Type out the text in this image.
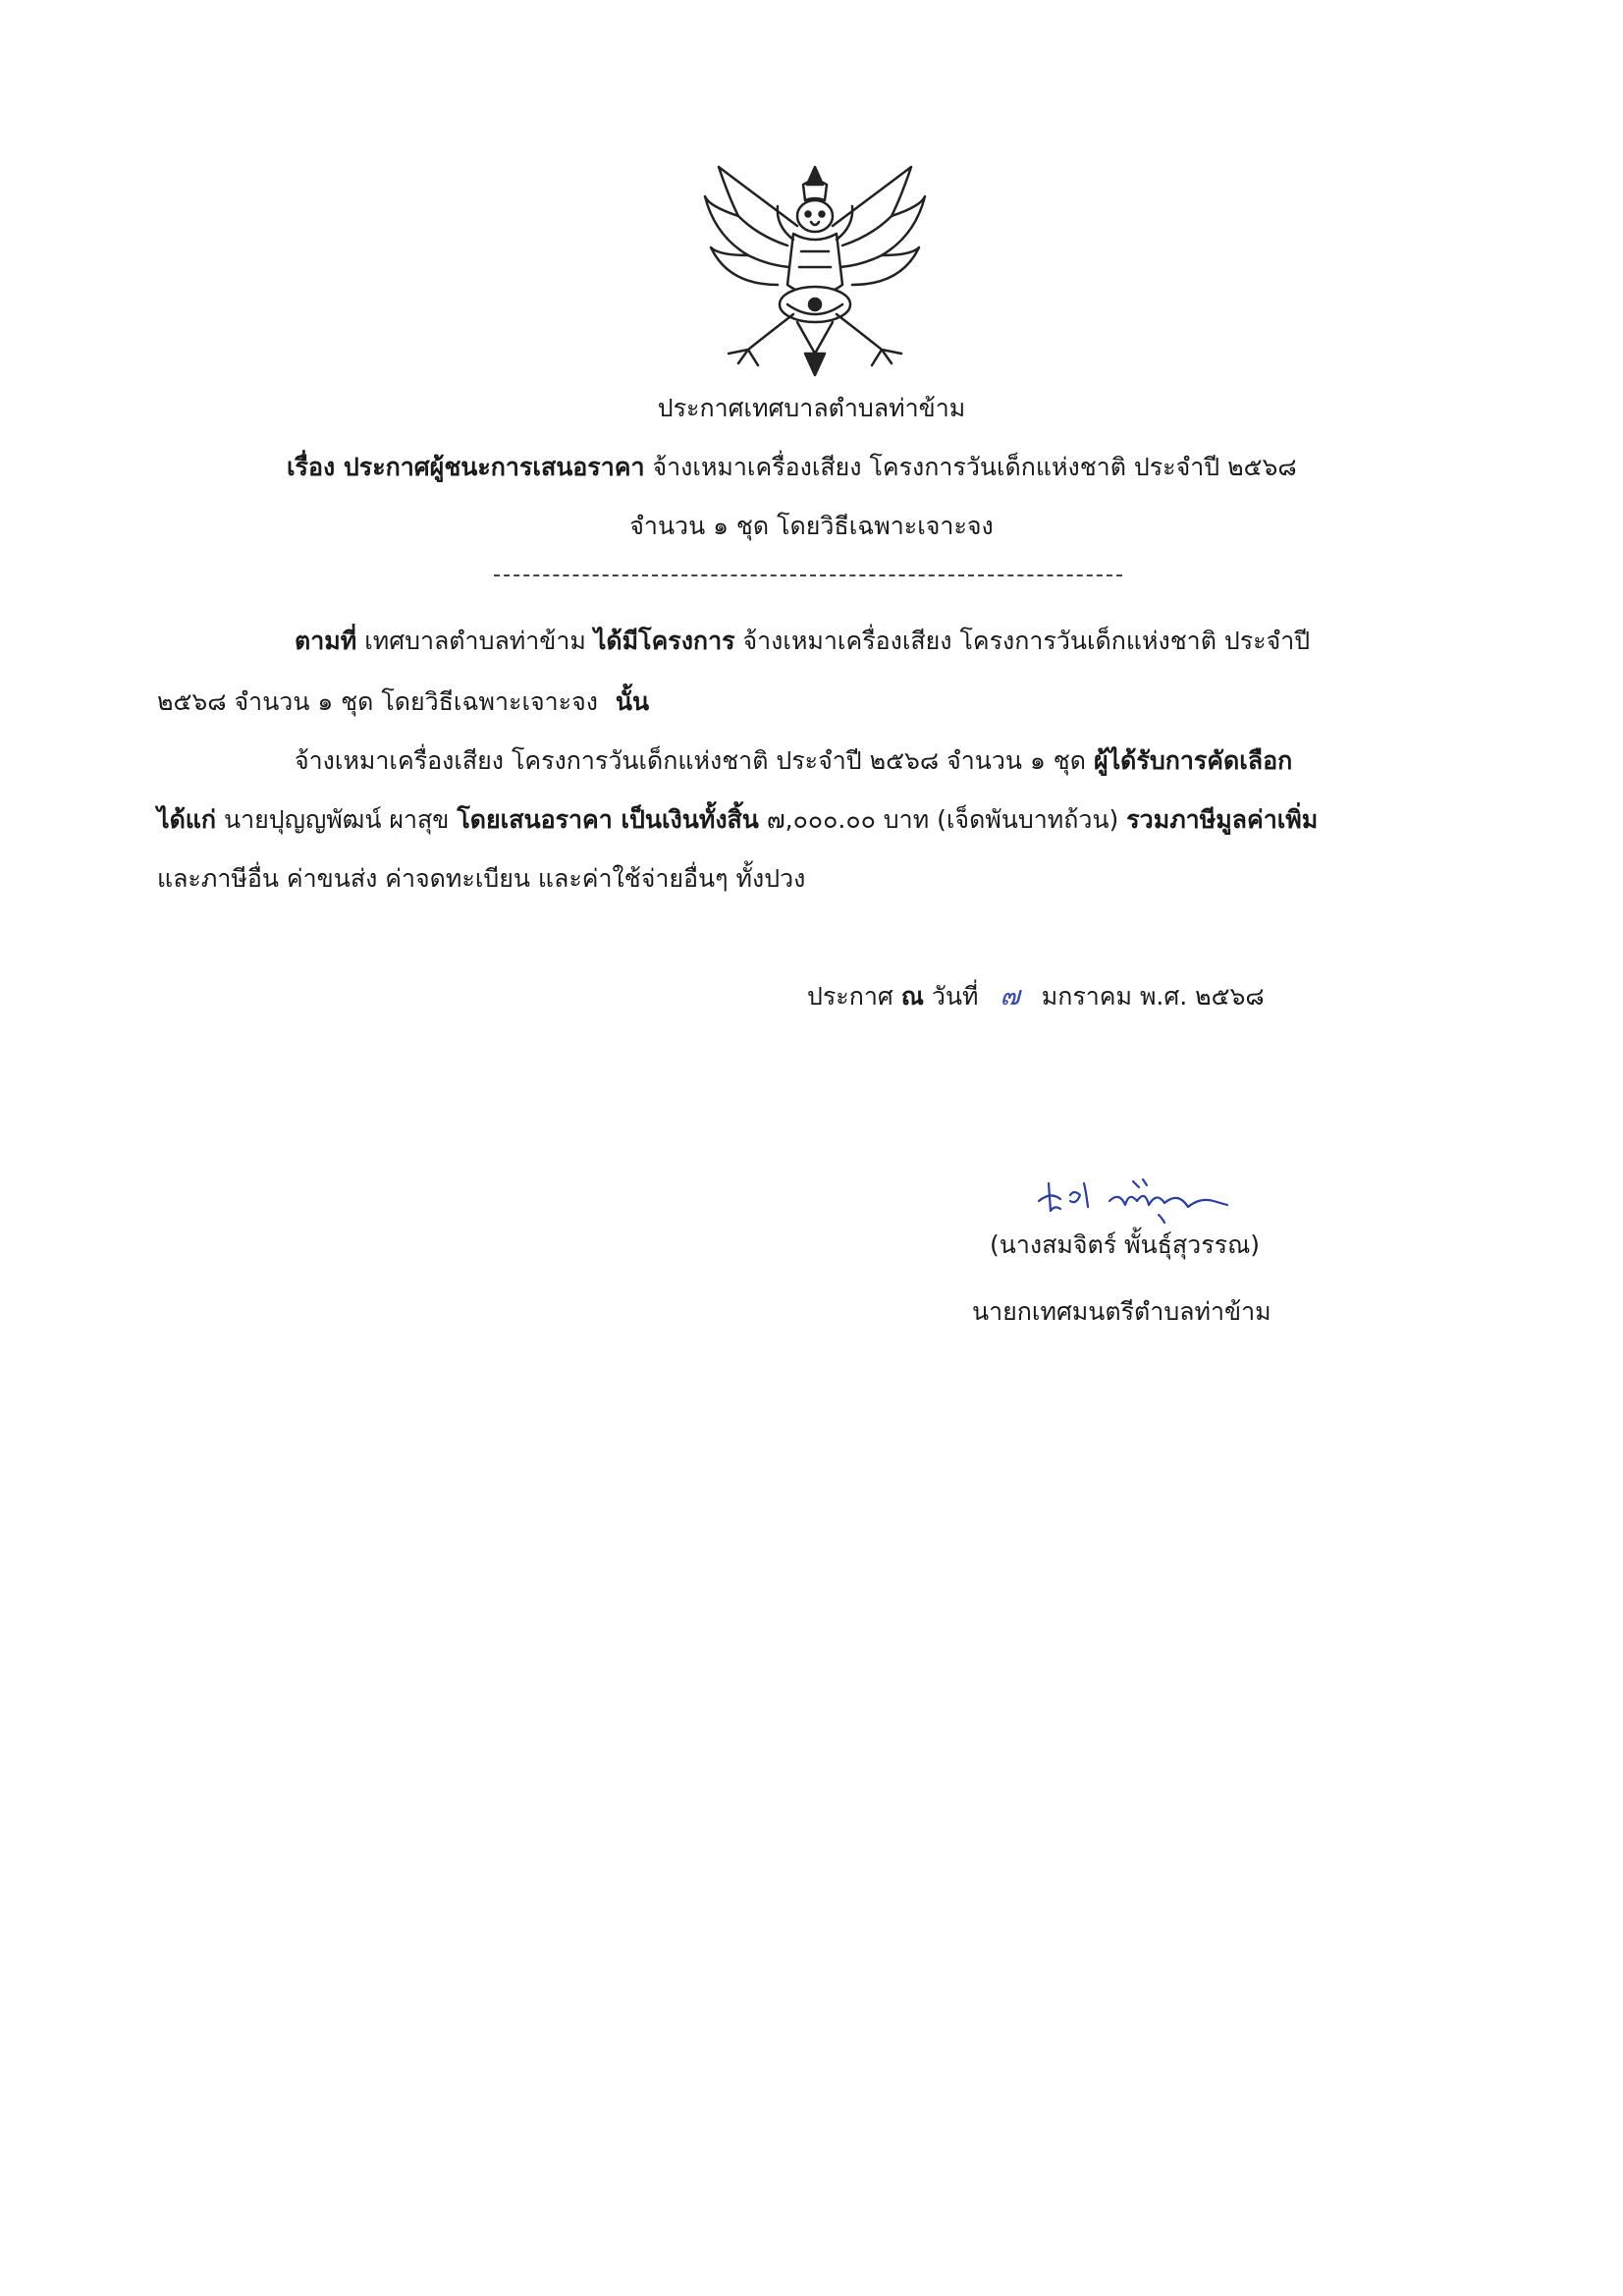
ประกาศเทศบาลตำบลท่าข้าม
เรื่อง ประกาศผู้ชนะการเสนอราคา จ้างเหมาเครื่องเสียง โครงการวันเด็กแห่งชาติ ประจำปี ๒๕๖๘
จำนวน ๑ ชุด โดยวิธีเฉพาะเจาะจง
ตามที่ เทศบาลตำบลท่าข้าม ได้มีโครงการ จ้างเหมาเครื่องเสียง โครงการวันเด็กแห่งชาติ ประจำปี
๒๕๖๘ จำนวน ๑ ชุด โดยวิธีเฉพาะเจาะจง นั้น
จ้างเหมาเครื่องเสียง โครงการวันเด็กแห่งชาติ ประจำปี ๒๕๖๘ จำนวน ๑ ชุด ผู้ได้รับการคัดเลือก
ได้แก่ นายปุญญพัฒน์ ผาสุข โดยเสนอราคา เป็นเงินทั้งสิ้น ๗,๐๐๐.๐๐ บาท (เจ็ดพันบาทถ้วน) รวมภาษีมูลค่าเพิ่ม
และภาษีอื่น ค่าขนส่ง ค่าจดทะเบียน และค่าใช้จ่ายอื่นๆ ทั้งปวง
ประกาศ ณ วันที่ ๗ มกราคม พ.ศ. ๒๕๖๘
(นางสมจิตร์ พั้นธุ์สุวรรณ)
นายกเทศมนตรีตำบลท่าข้าม
